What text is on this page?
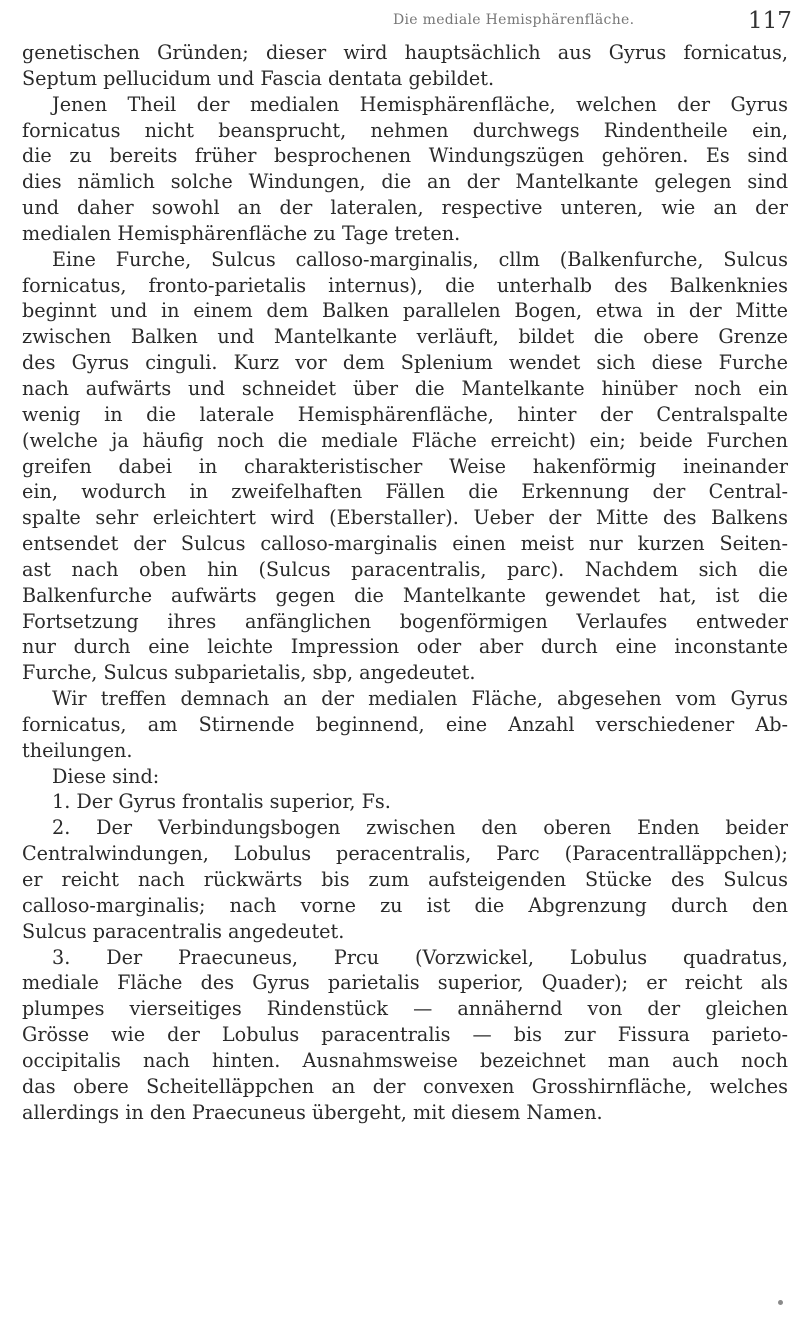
Die mediale Hemisphärenfläche.	117
genetischen Gründen; dieser wird hauptsächlich aus Gyrus fornicatus,
Septum pellucidum und Fascia dentata gebildet.
Jenen Theil der medialen Hemisphärenfläche, welchen der Gyrus
fornicatus nicht beansprucht, nehmen durchwegs Rindentheile ein,
die zu bereits früher besprochenen Windungszügen gehören. Es sind
dies nämlich solche Windungen, die an der Mantelkante gelegen sind
und daher sowohl an der lateralen, respective unteren, wie an der
medialen Hemisphärenfläche zu Tage treten.
Eine Furche, Sulcus calloso-marginalis, cllm (Balkenfurche, Sulcus
fornicatus, fronto-parietalis internus), die unterhalb des Balkenknies
beginnt und in einem dem Balken parallelen Bogen, etwa in der Mitte
zwischen Balken und Mantelkante verläuft, bildet die obere Grenze
des Gyrus cinguli. Kurz vor dem Splenium wendet sich diese Furche
nach aufwärts und schneidet über die Mantelkante hinüber noch ein
wenig in die laterale Hemisphärenfläche, hinter der Centralspalte
(welche ja häufig noch die mediale Fläche erreicht) ein; beide Furchen
greifen dabei in charakteristischer Weise hakenförmig ineinander
ein, wodurch in zweifelhaften Fällen die Erkennung der Central-
spalte sehr erleichtert wird (Eberstaller). Ueber der Mitte des Balkens
entsendet der Sulcus calloso-marginalis einen meist nur kurzen Seiten-
ast nach oben hin (Sulcus paracentralis, parc). Nachdem sich die
Balkenfurche aufwärts gegen die Mantelkante gewendet hat, ist die
Fortsetzung ihres anfänglichen bogenförmigen Verlaufes entweder
nur durch eine leichte Impression oder aber durch eine inconstante
Furche, Sulcus subparietalis, sbp, angedeutet.
Wir treffen demnach an der medialen Fläche, abgesehen vom Gyrus
fornicatus, am Stirnende beginnend, eine Anzahl verschiedener Ab-
theilungen.
Diese sind:
1. Der Gyrus frontalis superior, Fs.
2. Der Verbindungsbogen zwischen den oberen Enden beider
Centralwindungen, Lobulus peracentralis, Parc (Paracentralläppchen);
er reicht nach rückwärts bis zum aufsteigenden Stücke des Sulcus
calloso-marginalis; nach vorne zu ist die Abgrenzung durch den
Sulcus paracentralis angedeutet.
3. Der Praecuneus, Prcu (Vorzwickel, Lobulus quadratus,
mediale Fläche des Gyrus parietalis superior, Quader); er reicht als
plumpes vierseitiges Rindenstück — annähernd von der gleichen
Grösse wie der Lobulus paracentralis — bis zur Fissura parieto-
occipitalis nach hinten. Ausnahmsweise bezeichnet man auch noch
das obere Scheitelläppchen an der convexen Grosshirnfläche, welches
allerdings in den Praecuneus übergeht, mit diesem Namen.
